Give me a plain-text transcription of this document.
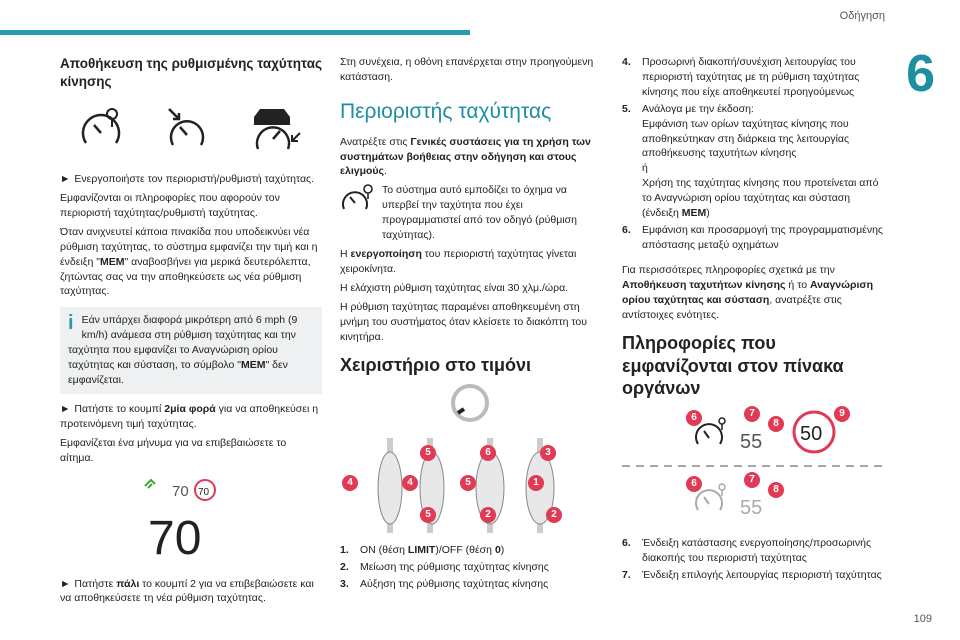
Οδήγηση
6
109
Αποθήκευση της ρυθμισμένης ταχύτητας κίνησης

► Ενεργοποιήστε τον περιοριστή/ρυθμιστή ταχύτητας.

Εμφανίζονται οι πληροφορίες που αφορούν τον περιοριστή ταχύτητας/ρυθμιστή ταχύτητας.

Όταν ανιχνευτεί κάποια πινακίδα που υποδεικνύει νέα ρύθμιση ταχύτητας, το σύστημα εμφανίζει την τιμή και η ένδειξη "MEM" αναβοσβήνει για μερικά δευτερόλεπτα, ζητώντας σας να την αποθηκεύσετε ως νέα ρύθμιση ταχύτητας.

i Εάν υπάρχει διαφορά μικρότερη από 6 mph (9 km/h) ανάμεσα στη ρύθμιση ταχύτητας και την ταχύτητα που εμφανίζει το Αναγνώριση ορίου ταχύτητας και σύσταση, το σύμβολο "MEM" δεν εμφανίζεται.

► Πατήστε το κουμπί 2μία φορά για να αποθηκεύσει η προτεινόμενη τιμή ταχύτητας.

Εμφανίζεται ένα μήνυμα για να επιβεβαιώσετε το αίτημα.

70 70
70

► Πατήστε πάλι το κουμπί 2 για να επιβεβαιώσετε και να αποθηκεύσετε τη νέα ρύθμιση ταχύτητας.

Στη συνέχεια, η οθόνη επανέρχεται στην προηγούμενη κατάσταση.

Περιοριστής ταχύτητας

Ανατρέξτε στις Γενικές συστάσεις για τη χρήση των συστημάτων βοήθειας στην οδήγηση και στους ελιγμούς.

Το σύστημα αυτό εμποδίζει το όχημα να υπερβεί την ταχύτητα που έχει προγραμματιστεί από τον οδηγό (ρύθμιση ταχύτητας).

Η ενεργοποίηση του περιοριστή ταχύτητας γίνεται χειροκίνητα.

Η ελάχιστη ρύθμιση ταχύτητας είναι 30 χλμ./ώρα.

Η ρύθμιση ταχύτητας παραμένει αποθηκευμένη στη μνήμη του συστήματος όταν κλείσετε το διακόπτη του κινητήρα.

Χειριστήριο στο τιμόνι
4
5
4
5
6
2
3
1
5
2
1.	ON (θέση LIMIT)/OFF (θέση 0)
2.	Μείωση της ρύθμισης ταχύτητας κίνησης
3.	Αύξηση της ρύθμισης ταχύτητας κίνησης
4.	Προσωρινή διακοπή/συνέχιση λειτουργίας του περιοριστή ταχύτητας με τη ρύθμιση ταχύτητας κίνησης που είχε αποθηκευτεί προηγούμενως
5.	Ανάλογα με την έκδοση:
Εμφάνιση των ορίων ταχύτητας κίνησης που αποθηκεύτηκαν στη διάρκεια της λειτουργίας αποθήκευσης ταχυτήτων κίνησης
ή
Χρήση της ταχύτητας κίνησης που προτείνεται από το Αναγνώριση ορίου ταχύτητας και σύσταση (ένδειξη MEM)
6.	Εμφάνιση και προσαρμογή της προγραμματισμένης απόστασης μεταξύ οχημάτων

Για περισσότερες πληροφορίες σχετικά με την Αποθήκευση ταχυτήτων κίνησης ή το Αναγνώριση ορίου ταχύτητας και σύσταση, ανατρέξτε στις αντίστοιχες ενότητες.

Πληροφορίες που εμφανίζονται στον πίνακα οργάνων
55 50
55
6	7
8
9
6	7
8
6.	Ένδειξη κατάστασης ενεργοποίησης/προσωρινής διακοπής του περιοριστή ταχύτητας
7.	Ένδειξη επιλογής λειτουργίας περιοριστή ταχύτητας
